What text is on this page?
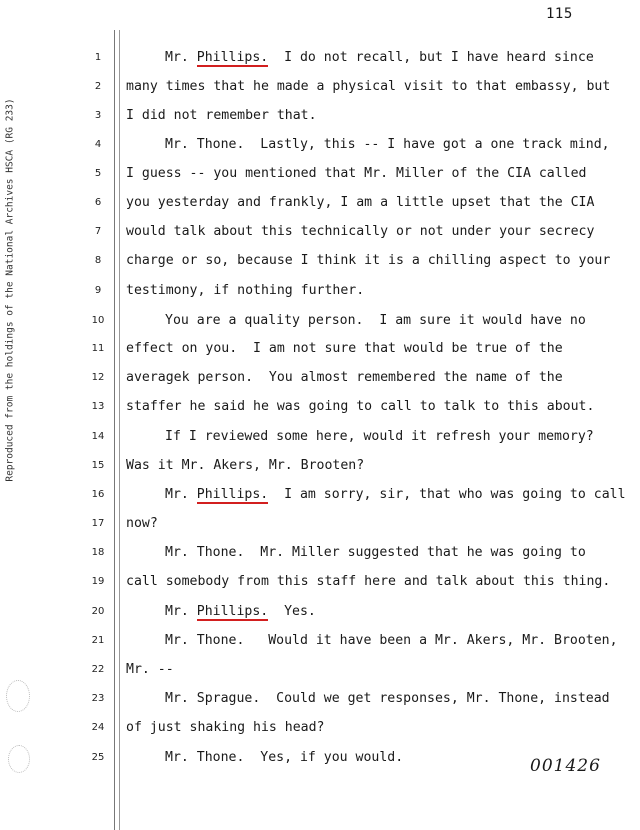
115
Reproduced from the holdings of the National Archives HSCA (RG 233)
1	Mr. Phillips.  I do not recall, but I have heard since
2	many times that he made a physical visit to that embassy, but
3	I did not remember that.
4	Mr. Thone.  Lastly, this -- I have got a one track mind,
5	I guess -- you mentioned that Mr. Miller of the CIA called
6	you yesterday and frankly, I am a little upset that the CIA
7	would talk about this technically or not under your secrecy
8	charge or so, because I think it is a chilling aspect to your
9	testimony, if nothing further.
10	You are a quality person.  I am sure it would have no
11 effect on you.  I am not sure that would be true of the
12 averagek person.  You almost remembered the name of the
13 staffer he said he was going to call to talk to this about.
14	If I reviewed some here, would it refresh your memory?
15 Was it Mr. Akers, Mr. Brooten?
16	Mr. Phillips.  I am sorry, sir, that who was going to call
17 now?
18	Mr. Thone.  Mr. Miller suggested that he was going to
19 call somebody from this staff here and talk about this thing.
20	Mr. Phillips.  Yes.
21	Mr. Thone.   Would it have been a Mr. Akers, Mr. Brooten,
22 Mr. --
23	Mr. Sprague.  Could we get responses, Mr. Thone, instead
24 of just shaking his head?
25	Mr. Thone.  Yes, if you would.	001426
